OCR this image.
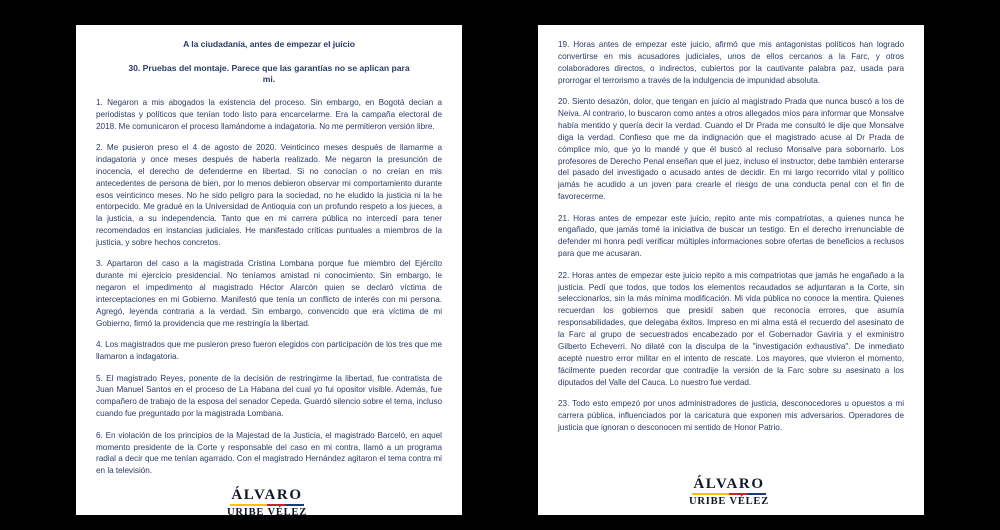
A la ciudadanía, antes de empezar el juicio

30. Pruebas del montaje. Parece que las garantías no se aplican para mi.

1. Negaron a mis abogados la existencia del proceso. Sin embargo, en Bogotá decían a periodistas y políticos que tenían todo listo para encarcelarme. Era la campaña electoral de 2018. Me comunicaron el proceso llamándome a indagatoria. No me permitieron versión libre.

2. Me pusieron preso el 4 de agosto de 2020. Veinticinco meses después de llamarme a indagatoria y once meses después de haberla realizado. Me negaron la presunción de inocencia, el derecho de defenderme en libertad. Si no conocían o no creían en mis antecedentes de persona de bien, por lo menos debieron observar mi comportamiento durante esos veinticinco meses. No he sido peligro para la sociedad, no he eludido la justicia ni la he entorpecido. Me gradué en la Universidad de Antioquia con un profundo respeto a los jueces, a la justicia, a su independencia. Tanto que en mi carrera pública no intercedí para tener recomendados en instancias judiciales. He manifestado críticas puntuales a miembros de la justicia, y sobre hechos concretos.

3. Apartaron del caso a la magistrada Cristina Lombana porque fue miembro del Ejército durante mi ejercicio presidencial. No teníamos amistad ni conocimiento. Sin embargo, le negaron el impedimento al magistrado Héctor Alarcón quien se declaró víctima de interceptaciones en mi Gobierno. Manifestó que tenía un conflicto de interés con mi persona. Agregó, leyenda contraria a la verdad. Sin embargo, convencido que era víctima de mi Gobierno, firmó la providencia que me restringía la libertad.

4. Los magistrados que me pusieron preso fueron elegidos con participación de los tres que me llamaron a indagatoria.

5. El magistrado Reyes, ponente de la decisión de restringirme la libertad, fue contratista de Juan Manuel Santos en el proceso de La Habana del cual yo fui opositor visible. Además, fue compañero de trabajo de la esposa del senador Cepeda. Guardó silencio sobre el tema, incluso cuando fue preguntado por la magistrada Lombana.

6. En violación de los principios de la Majestad de la Justicia, el magistrado Barceló, en aquel momento presidente de la Corte y responsable del caso en mi contra, llamó a un programa radial a decir que me tenían agarrado. Con el magistrado Hernández agitaron el tema contra mi en la televisión.

ÁLVARO
URIBE VÉLEZ

19. Horas antes de empezar este juicio, afirmó que mis antagonistas políticos han logrado convertirse en mis acusadores judiciales, unos de ellos cercanos a la Farc, y otros colaboradores directos, o indirectos, cubiertos por la cautivante palabra paz, usada para prorrogar el terrorismo a través de la indulgencia de impunidad absoluta.

20. Siento desazón, dolor, que tengan en juicio al magistrado Prada que nunca buscó a los de Neiva. Al contrario, lo buscaron como antes a otros allegados míos para informar que Monsalve había mentido y quería decir la verdad. Cuando el Dr Prada me consultó le dije que Monsalve diga la verdad. Confieso que me da indignación que el magistrado acuse al Dr Prada de cómplice mío, que yo lo mandé y que él buscó al recluso Monsalve para sobornarlo. Los profesores de Derecho Penal enseñan que el juez, incluso el instructor, debe también enterarse del pasado del investigado o acusado antes de decidir. En mi largo recorrido vital y político jamás he acudido a un joven para crearle el riesgo de una conducta penal con el fin de favorecerme.

21. Horas antes de empezar este juicio, repito ante mis compatriotas, a quienes nunca he engañado, que jamás tomé la iniciativa de buscar un testigo. En el derecho irrenunciable de defender mi honra pedí verificar múltiples informaciones sobre ofertas de beneficios a reclusos para que me acusaran.

22. Horas antes de empezar este juicio repito a mis compatriotas que jamás he engañado a la justicia. Pedí que todos, que todos los elementos recaudados se adjuntaran a la Corte, sin seleccionarlos, sin la más mínima modificación. Mi vida pública no conoce la mentira. Quienes recuerdan los gobiernos que presidí saben que reconocía errores, que asumía responsabilidades, que delegaba éxitos. Impreso en mi alma está el recuerdo del asesinato de la Farc al grupo de secuestrados encabezado por el Gobernador Gaviria y el exministro Gilberto Echeverri. No dilaté con la disculpa de la "investigación exhaustiva". De inmediato acepté nuestro error militar en el intento de rescate. Los mayores, que vivieron el momento, fácilmente pueden recordar que contradije la versión de la Farc sobre su asesinato a los diputados del Valle del Cauca. Lo nuestro fue verdad.

23. Todo esto empezó por unos administradores de justicia, desconocedores u opuestos a mi carrera pública, influenciados por la caricatura que exponen mis adversarios. Operadores de justicia que ignoran o desconocen mi sentido de Honor Patrio.

ÁLVARO
URIBE VÉLEZ
